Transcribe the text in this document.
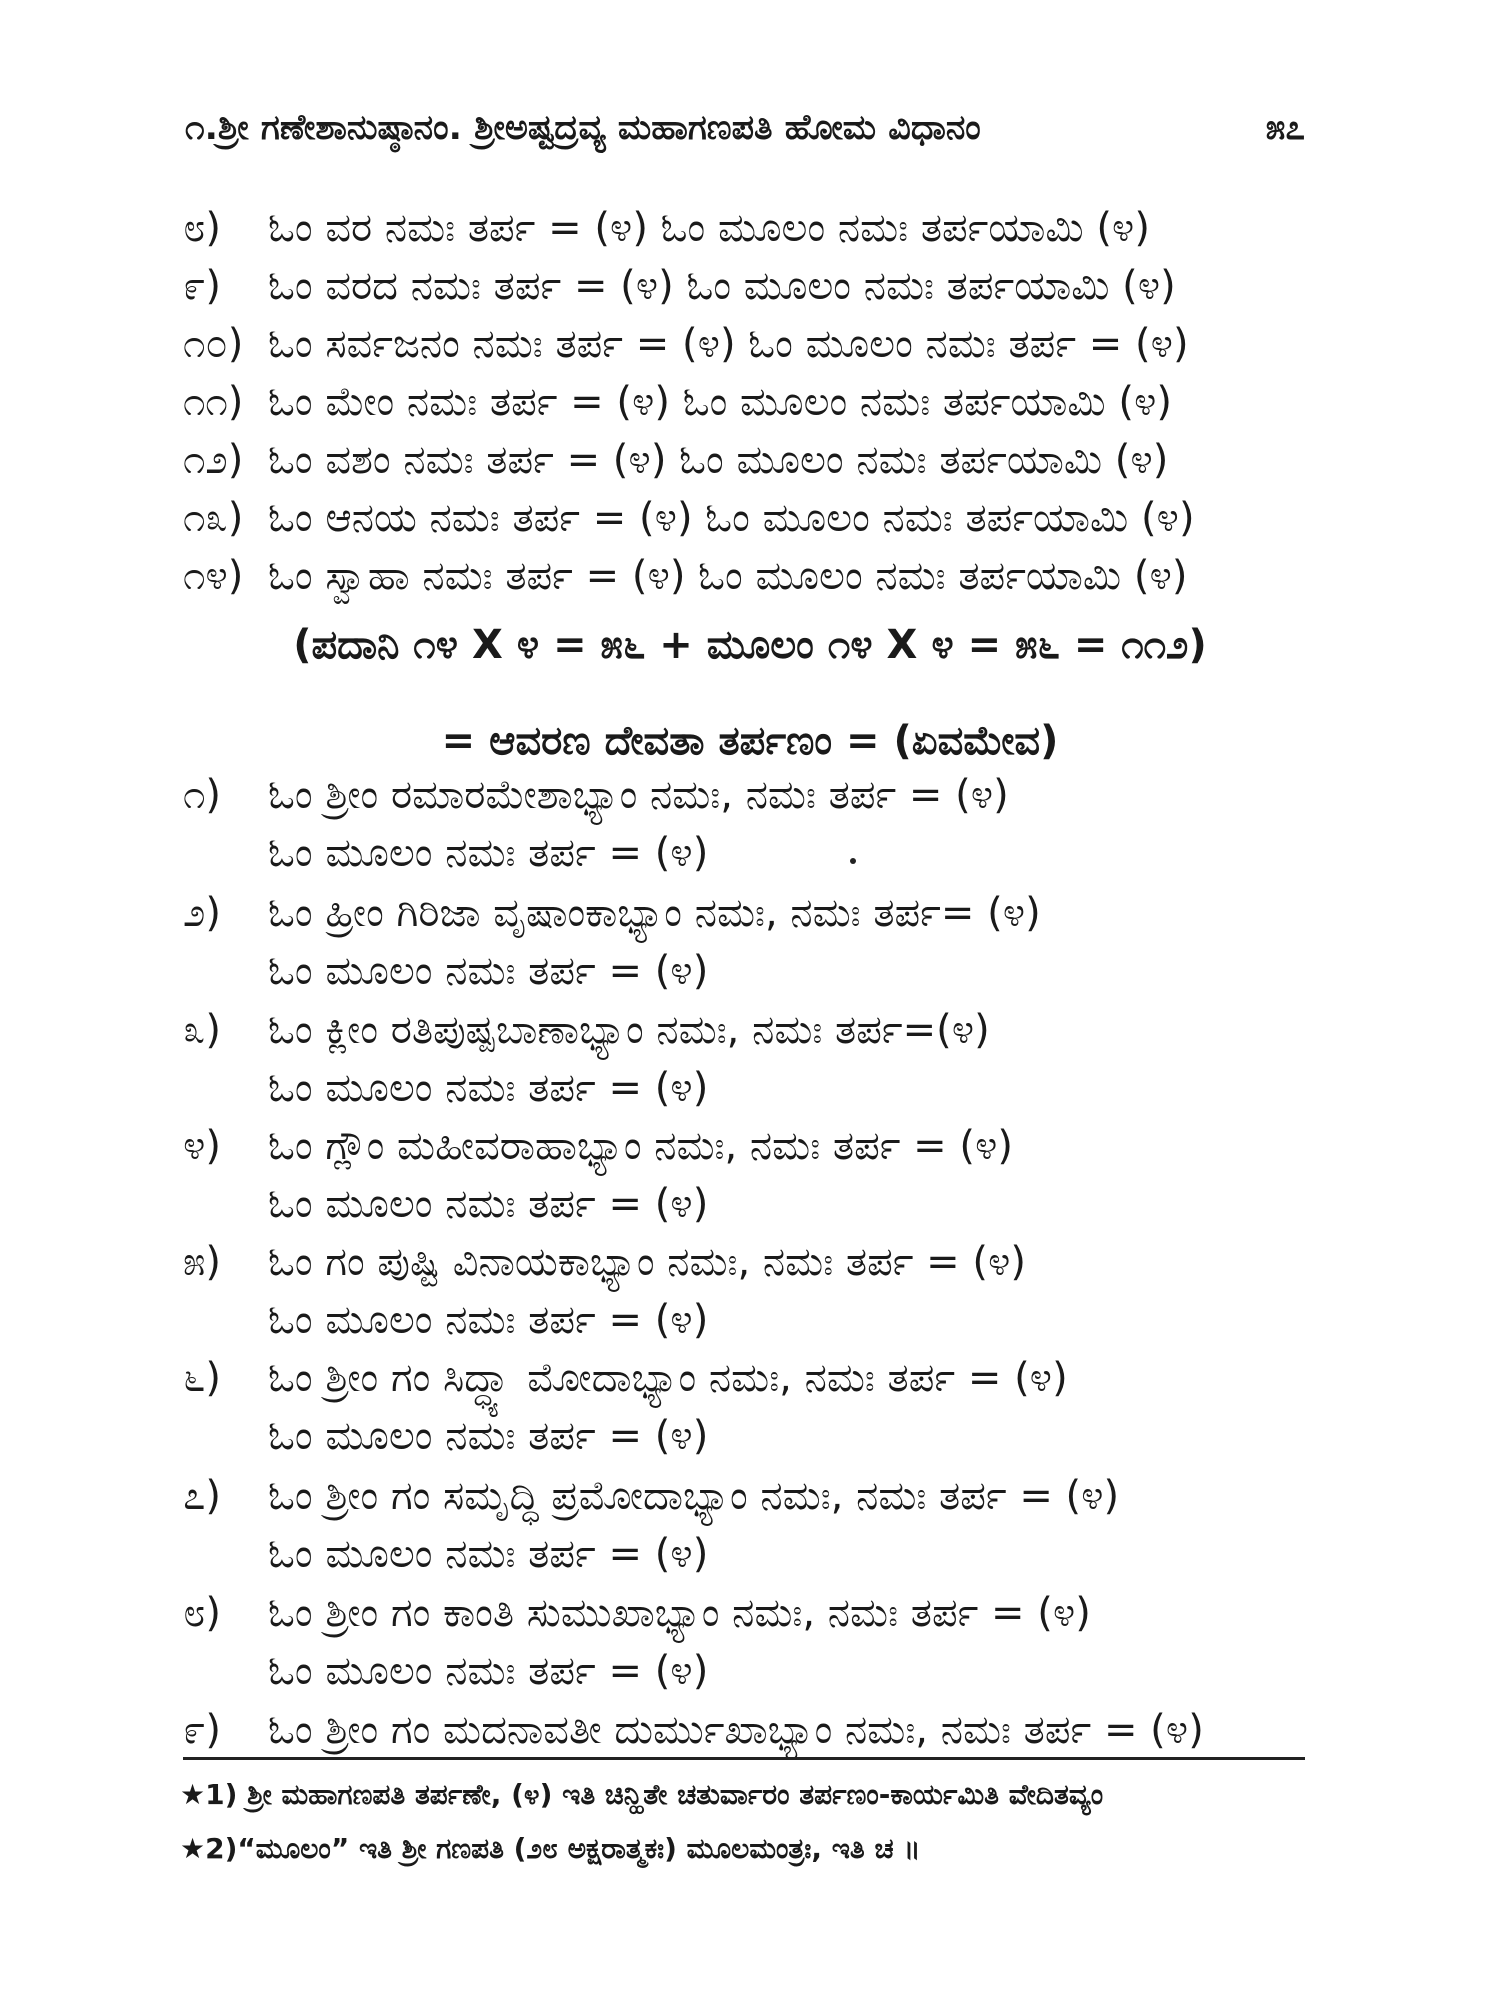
೧.ಶ್ರೀ ಗಣೇಶಾನುಷ್ಠಾನಂ. ಶ್ರೀಅಷ್ಟದ್ರವ್ಯ ಮಹಾಗಣಪತಿ ಹೋಮ ವಿಧಾನಂ	೫೭
೮)	ಓಂ ವರ ನಮಃ ತರ್ಪ = (೪) ಓಂ ಮೂಲಂ ನಮಃ ತರ್ಪಯಾಮಿ (೪)
೯)	ಓಂ ವರದ ನಮಃ ತರ್ಪ = (೪) ಓಂ ಮೂಲಂ ನಮಃ ತರ್ಪಯಾಮಿ (೪)
೧೦) ಓಂ ಸರ್ವಜನಂ ನಮಃ ತರ್ಪ = (೪) ಓಂ ಮೂಲಂ ನಮಃ ತರ್ಪ = (೪)
೧೧) ಓಂ ಮೇಂ ನಮಃ ತರ್ಪ = (೪) ಓಂ ಮೂಲಂ ನಮಃ ತರ್ಪಯಾಮಿ (೪)
೧೨) ಓಂ ವಶಂ ನಮಃ ತರ್ಪ = (೪) ಓಂ ಮೂಲಂ ನಮಃ ತರ್ಪಯಾಮಿ (೪)
೧೩) ಓಂ ಆನಯ ನಮಃ ತರ್ಪ = (೪) ಓಂ ಮೂಲಂ ನಮಃ ತರ್ಪಯಾಮಿ (೪)
೧೪) ಓಂ ಸ್ವಾಹಾ ನಮಃ ತರ್ಪ = (೪) ಓಂ ಮೂಲಂ ನಮಃ ತರ್ಪಯಾಮಿ (೪)
(ಪದಾನಿ ೧೪ X ೪ = ೫೬ + ಮೂಲಂ ೧೪ X ೪ = ೫೬ = ೧೧೨)
= ಆವರಣ ದೇವತಾ ತರ್ಪಣಂ = (ಏವಮೇವ)
೧)	ಓಂ ಶ್ರೀಂ ರಮಾರಮೇಶಾಭ್ಯಾಂ ನಮಃ, ನಮಃ ತರ್ಪ = (೪)
ಓಂ ಮೂಲಂ ನಮಃ ತರ್ಪ = (೪)
೨)	ಓಂ ಹ್ರೀಂ ಗಿರಿಜಾ ವೃಷಾಂಕಾಭ್ಯಾಂ ನಮಃ, ನಮಃ ತರ್ಪ= (೪)
ಓಂ ಮೂಲಂ ನಮಃ ತರ್ಪ = (೪)
೩)	ಓಂ ಕ್ಲೀಂ ರತಿಪುಷ್ಪಬಾಣಾಭ್ಯಾಂ ನಮಃ, ನಮಃ ತರ್ಪ=(೪)
ಓಂ ಮೂಲಂ ನಮಃ ತರ್ಪ = (೪)
೪)	ಓಂ ಗ್ಲೌಂ ಮಹೀವರಾಹಾಭ್ಯಾಂ ನಮಃ, ನಮಃ ತರ್ಪ = (೪)
ಓಂ ಮೂಲಂ ನಮಃ ತರ್ಪ = (೪)
೫)	ಓಂ ಗಂ ಪುಷ್ಟಿ ವಿನಾಯಕಾಭ್ಯಾಂ ನಮಃ, ನಮಃ ತರ್ಪ = (೪)
ಓಂ ಮೂಲಂ ನಮಃ ತರ್ಪ = (೪)
೬)	ಓಂ ಶ್ರೀಂ ಗಂ ಸಿದ್ಧ್ಯಾ ಮೋದಾಭ್ಯಾಂ ನಮಃ, ನಮಃ ತರ್ಪ = (೪)
ಓಂ ಮೂಲಂ ನಮಃ ತರ್ಪ = (೪)
೭)	ಓಂ ಶ್ರೀಂ ಗಂ ಸಮೃದ್ಧಿ ಪ್ರಮೋದಾಭ್ಯಾಂ ನಮಃ, ನಮಃ ತರ್ಪ = (೪)
ಓಂ ಮೂಲಂ ನಮಃ ತರ್ಪ = (೪)
೮)	ಓಂ ಶ್ರೀಂ ಗಂ ಕಾಂತಿ ಸುಮುಖಾಭ್ಯಾಂ ನಮಃ, ನಮಃ ತರ್ಪ = (೪)
ಓಂ ಮೂಲಂ ನಮಃ ತರ್ಪ = (೪)
೯)	ಓಂ ಶ್ರೀಂ ಗಂ ಮದನಾವತೀ ದುರ್ಮುಖಾಭ್ಯಾಂ ನಮಃ, ನಮಃ ತರ್ಪ = (೪)
★1) ಶ್ರೀ ಮಹಾಗಣಪತಿ ತರ್ಪಣೇ, (೪) ಇತಿ ಚಿನ್ಹಿತೇ ಚತುರ್ವಾರಂ ತರ್ಪಣಂ-ಕಾರ್ಯಮಿತಿ ವೇದಿತವ್ಯಂ
★2)“ಮೂಲಂ” ಇತಿ ಶ್ರೀ ಗಣಪತಿ (೨೮ ಅಕ್ಷರಾತ್ಮಕಃ) ಮೂಲಮಂತ್ರಃ, ಇತಿ ಚ ॥
